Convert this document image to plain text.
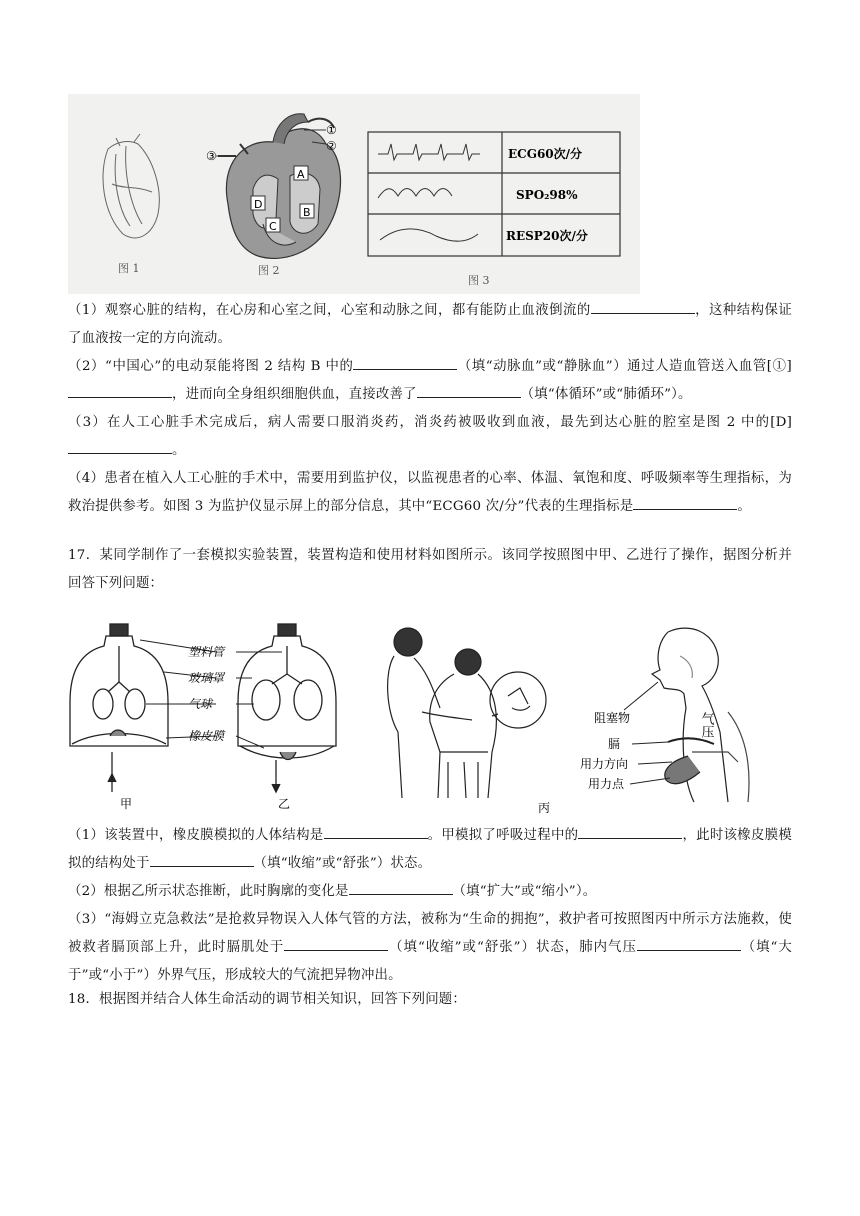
图 1
①
②
③
A
B
C
D
图 2
ECG60次/分
SPO₂98%
RESP20次/分
图 3

（1）观察心脏的结构，在心房和心室之间，心室和动脉之间，都有能防止血液倒流的	，这种结构保证了血液按一定的方向流动。

（2）“中国心”的电动泵能将图 2 结构 B 中的	（填“动脉血”或“静脉血”）通过人造血管送入血管[①]，进而向全身组织细胞供血，直接改善了	（填“体循环”或“肺循环”）。

（3）在人工心脏手术完成后，病人需要口服消炎药，消炎药被吸收到血液，最先到达心脏的腔室是图 2 中的[D]。

（4）患者在植入人工心脏的手术中，需要用到监护仪，以监视患者的心率、体温、氧饱和度、呼吸频率等生理指标，为救治提供参考。如图 3 为监护仪显示屏上的部分信息，其中“ECG60 次/分”代表的生理指标是	。

17．某同学制作了一套模拟实验装置，装置构造和使用材料如图所示。该同学按照图中甲、乙进行了操作，据图分析并回答下列问题：

塑料管
玻璃罩
气球
橡皮膜
甲	乙	丙
阻塞物
膈
用力方向
用力点
气压

（1）该装置中，橡皮膜模拟的人体结构是	。甲模拟了呼吸过程中的	，此时该橡皮膜模拟的结构处于	（填“收缩”或“舒张”）状态。

（2）根据乙所示状态推断，此时胸廓的变化是	（填“扩大”或“缩小”）。

（3）“海姆立克急救法”是抢救异物误入人体气管的方法，被称为“生命的拥抱”，救护者可按照图丙中所示方法施救，使被救者膈顶部上升，此时膈肌处于	（填“收缩”或“舒张”）状态，肺内气压	（填“大于”或“小于”）外界气压，形成较大的气流把异物冲出。

18．根据图并结合人体生命活动的调节相关知识，回答下列问题：
